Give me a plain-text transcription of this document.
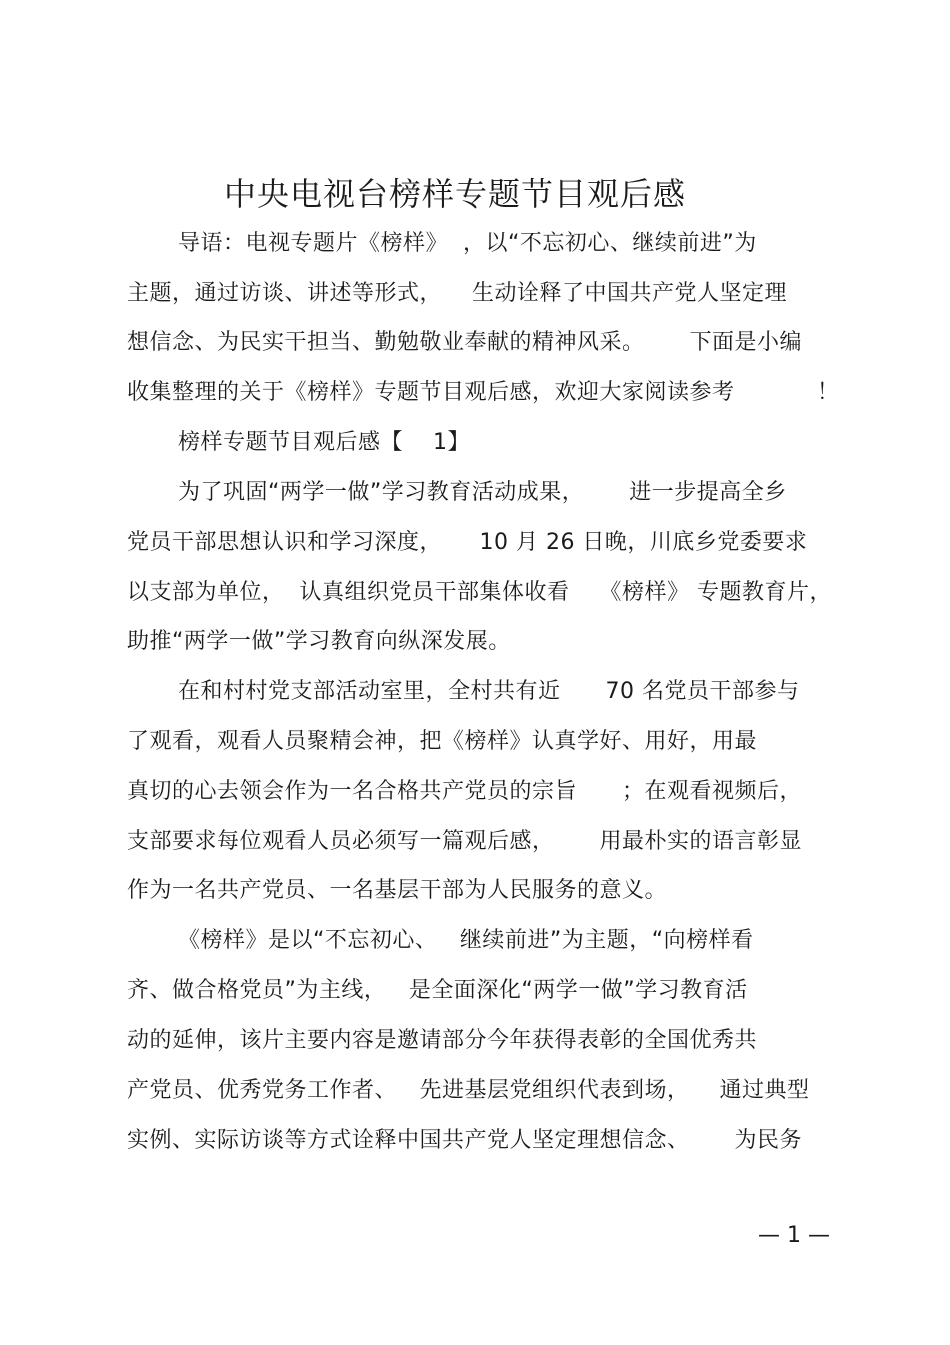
中央电视台榜样专题节目观后感
导语：电视专题片《榜样》  ，以“不忘初心、继续前进”为
主题，通过访谈、讲述等形式，    生动诠释了中国共产党人坚定理
想信念、为民实干担当、勤勉敬业奉献的精神风采。      下面是小编
收集整理的关于《榜样》专题节目观后感，欢迎大家阅读参考           ！
榜样专题节目观后感【    1】
为了巩固“两学一做”学习教育活动成果，      进一步提高全乡
党员干部思想认识和学习深度，     10 月 26 日晚，川底乡党委要求
以支部为单位，  认真组织党员干部集体收看    《榜样》 专题教育片，
助推“两学一做”学习教育向纵深发展。
在和村村党支部活动室里，全村共有近      70 名党员干部参与
了观看，观看人员聚精会神，把《榜样》认真学好、用好，用最
真切的心去领会作为一名合格共产党员的宗旨      ；在观看视频后，
支部要求每位观看人员必须写一篇观后感，      用最朴实的语言彰显
作为一名共产党员、一名基层干部为人民服务的意义。
《榜样》是以“不忘初心、   继续前进”为主题，“向榜样看
齐、做合格党员”为主线，   是全面深化“两学一做”学习教育活
动的延伸，该片主要内容是邀请部分今年获得表彰的全国优秀共
产党员、优秀党务工作者、   先进基层党组织代表到场，    通过典型
实例、实际访谈等方式诠释中国共产党人坚定理想信念、      为民务
— 1 —
